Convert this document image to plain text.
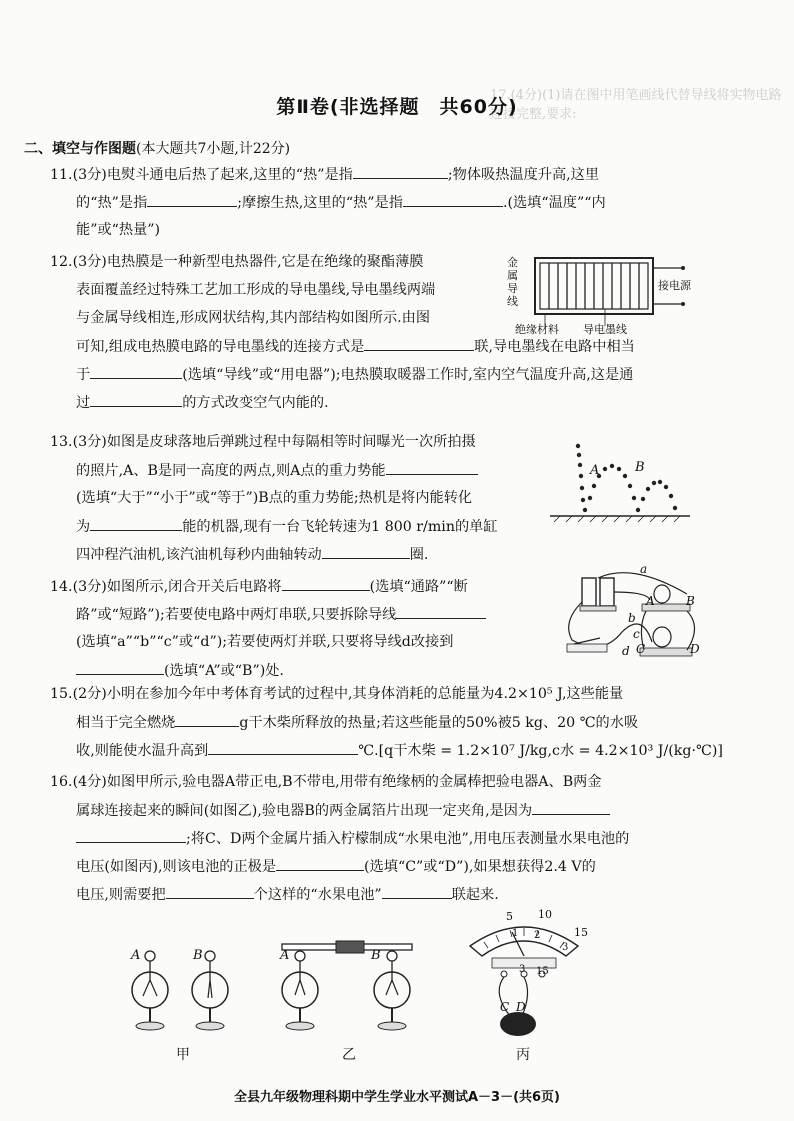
17.(4分)(1)请在图中用笔画线代替导线将实物电路连接完整,要求:
第Ⅱ卷(非选择题　共60分)
二、填空与作图题(本大题共7小题,计22分)
11.(3分)电熨斗通电后热了起来,这里的“热”是指	;物体吸热温度升高,这里
的“热”是指	;摩擦生热,这里的“热”是指	.(选填“温度”“内
能”或“热量”)
12.(3分)电热膜是一种新型电热器件,它是在绝缘的聚酯薄膜
表面覆盖经过特殊工艺加工形成的导电墨线,导电墨线两端
与金属导线相连,形成网状结构,其内部结构如图所示.由图
可知,组成电热膜电路的导电墨线的连接方式是	联,导电墨线在电路中相当
于	(选填“导线”或“用电器”);电热膜取暖器工作时,室内空气温度升高,这是通
过	的方式改变空气内能的.
金属导线
接电源
绝缘材料 导电墨线
13.(3分)如图是皮球落地后弹跳过程中每隔相等时间曝光一次所拍摄
的照片,A、B是同一高度的两点,则A点的重力势能
(选填“大于”“小于”或“等于”)B点的重力势能;热机是将内能转化
为	能的机器,现有一台飞轮转速为1 800 r/min的单缸
四冲程汽油机,该汽油机每秒内曲轴转动	圈.
A	B
14.(3分)如图所示,闭合开关后电路将	(选填“通路”“断
路”或“短路”);若要使电路中两灯串联,只要拆除导线
(选填“a”“b”“c”或“d”);若要使两灯并联,只要将导线d改接到
(选填“A”或“B”)处.
a
b
c
d
A	B
C	D
15.(2分)小明在参加今年中考体育考试的过程中,其身体消耗的总能量为4.2×10⁵ J,这些能量
相当于完全燃烧	g干木柴所释放的热量;若这些能量的50%被5 kg、20 ℃的水吸
收,则能使水温升高到	℃.[q干木柴 = 1.2×10⁷ J/kg,c水 = 4.2×10³ J/(kg·℃)]
16.(4分)如图甲所示,验电器A带正电,B不带电,用带有绝缘柄的金属棒把验电器A、B两金
属球连接起来的瞬间(如图乙),验电器B的两金属箔片出现一定夹角,是因为
;将C、D两个金属片插入柠檬制成“水果电池”,用电压表测量水果电池的
电压(如图丙),则该电池的正极是	(选填“C”或“D”),如果想获得2.4 V的
电压,则需要把	个这样的“水果电池”	联起来.
A	B
甲
A	B
乙
5 10
1	15
2
3
3 15
C D
丙
全县九年级物理科期中学生学业水平测试A－3－(共6页)
